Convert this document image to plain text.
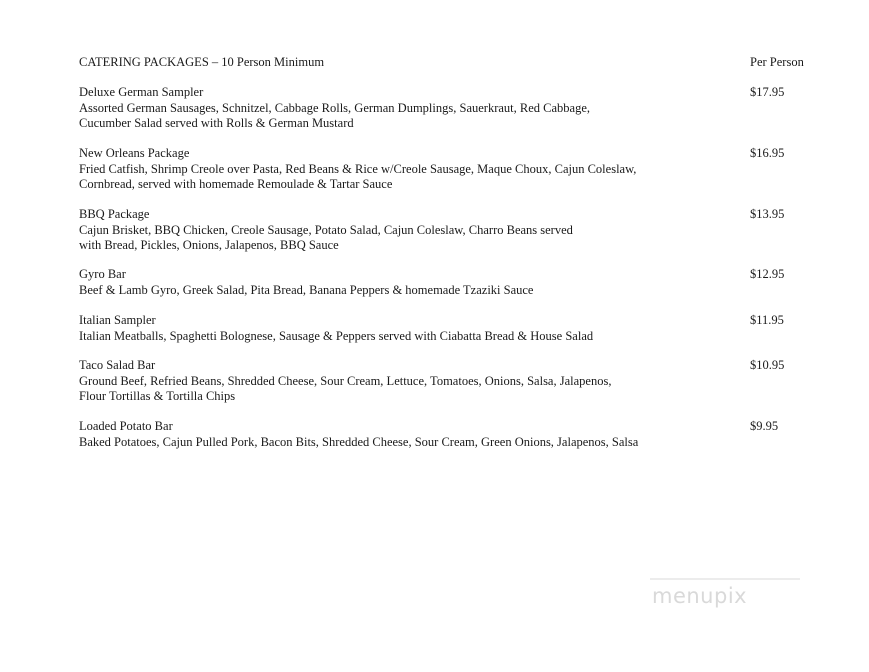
CATERING PACKAGES – 10 Person Minimum	Per Person
Deluxe German Sampler
Assorted German Sausages, Schnitzel, Cabbage Rolls, German Dumplings, Sauerkraut, Red Cabbage,
Cucumber Salad served with Rolls & German Mustard
$17.95
New Orleans Package
Fried Catfish, Shrimp Creole over Pasta, Red Beans & Rice w/Creole Sausage, Maque Choux, Cajun Coleslaw,
Cornbread, served with homemade Remoulade & Tartar Sauce
$16.95
BBQ Package
Cajun Brisket, BBQ Chicken, Creole Sausage, Potato Salad, Cajun Coleslaw, Charro Beans served
with Bread, Pickles, Onions, Jalapenos, BBQ Sauce
$13.95
Gyro Bar
Beef & Lamb Gyro, Greek Salad, Pita Bread, Banana Peppers & homemade Tzaziki Sauce
$12.95
Italian Sampler
Italian Meatballs, Spaghetti Bolognese, Sausage & Peppers served with Ciabatta Bread & House Salad
$11.95
Taco Salad Bar
Ground Beef, Refried Beans, Shredded Cheese, Sour Cream, Lettuce, Tomatoes, Onions, Salsa, Jalapenos,
Flour Tortillas & Tortilla Chips
$10.95
Loaded Potato Bar
Baked Potatoes, Cajun Pulled Pork, Bacon Bits, Shredded Cheese, Sour Cream, Green Onions, Jalapenos, Salsa
$9.95
menupix
